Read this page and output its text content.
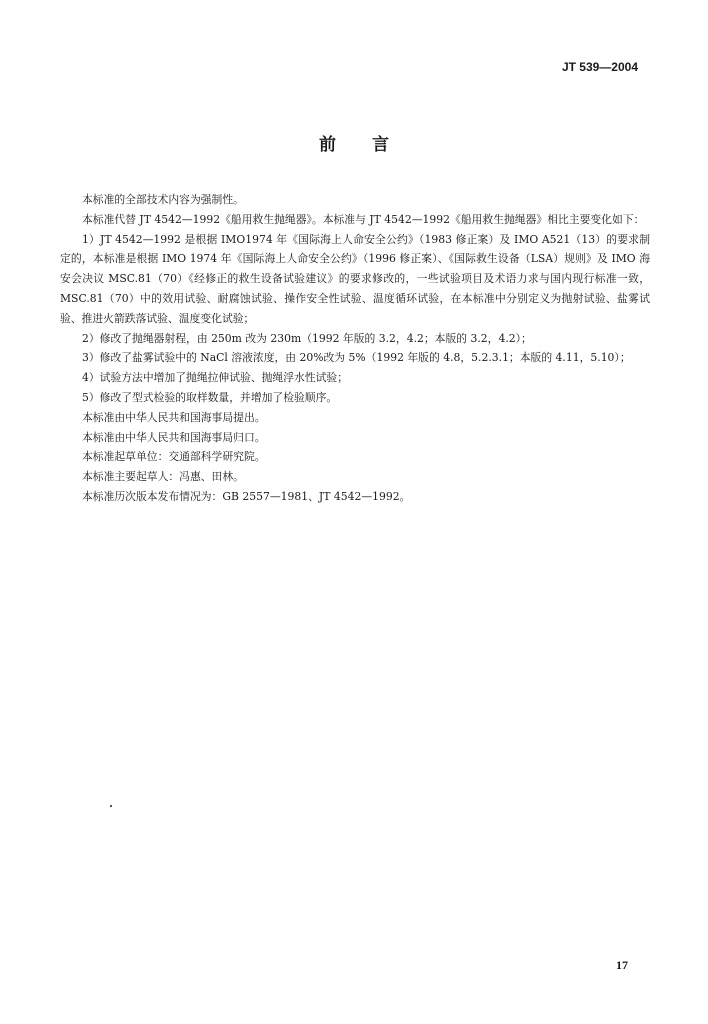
JT 539—2004
前言

本标准的全部技术内容为强制性。

本标准代替 JT 4542—1992《船用救生抛绳器》。本标准与 JT 4542—1992《船用救生抛绳器》相比主要变化如下：

1）JT 4542—1992 是根据 IMO1974 年《国际海上人命安全公约》（1983 修正案）及 IMO A521（13）的要求制定的，本标准是根据 IMO 1974 年《国际海上人命安全公约》（1996 修正案）、《国际救生设备（LSA）规则》及 IMO 海安会决议 MSC.81（70）《经修正的救生设备试验建议》的要求修改的，一些试验项目及术语力求与国内现行标准一致，MSC.81（70）中的效用试验、耐腐蚀试验、操作安全性试验、温度循环试验，在本标准中分别定义为抛射试验、盐雾试验、推进火箭跌落试验、温度变化试验；

2）修改了抛绳器射程，由 250m 改为 230m（1992 年版的 3.2，4.2；本版的 3.2，4.2）；

3）修改了盐雾试验中的 NaCl 溶液浓度，由 20%改为 5%（1992 年版的 4.8，5.2.3.1；本版的 4.11，5.10）；

4）试验方法中增加了抛绳拉伸试验、抛绳浮水性试验；

5）修改了型式检验的取样数量，并增加了检验顺序。

本标准由中华人民共和国海事局提出。

本标准由中华人民共和国海事局归口。

本标准起草单位：交通部科学研究院。

本标准主要起草人：冯惠、田林。

本标准历次版本发布情况为：GB 2557—1981、JT 4542—1992。

17
